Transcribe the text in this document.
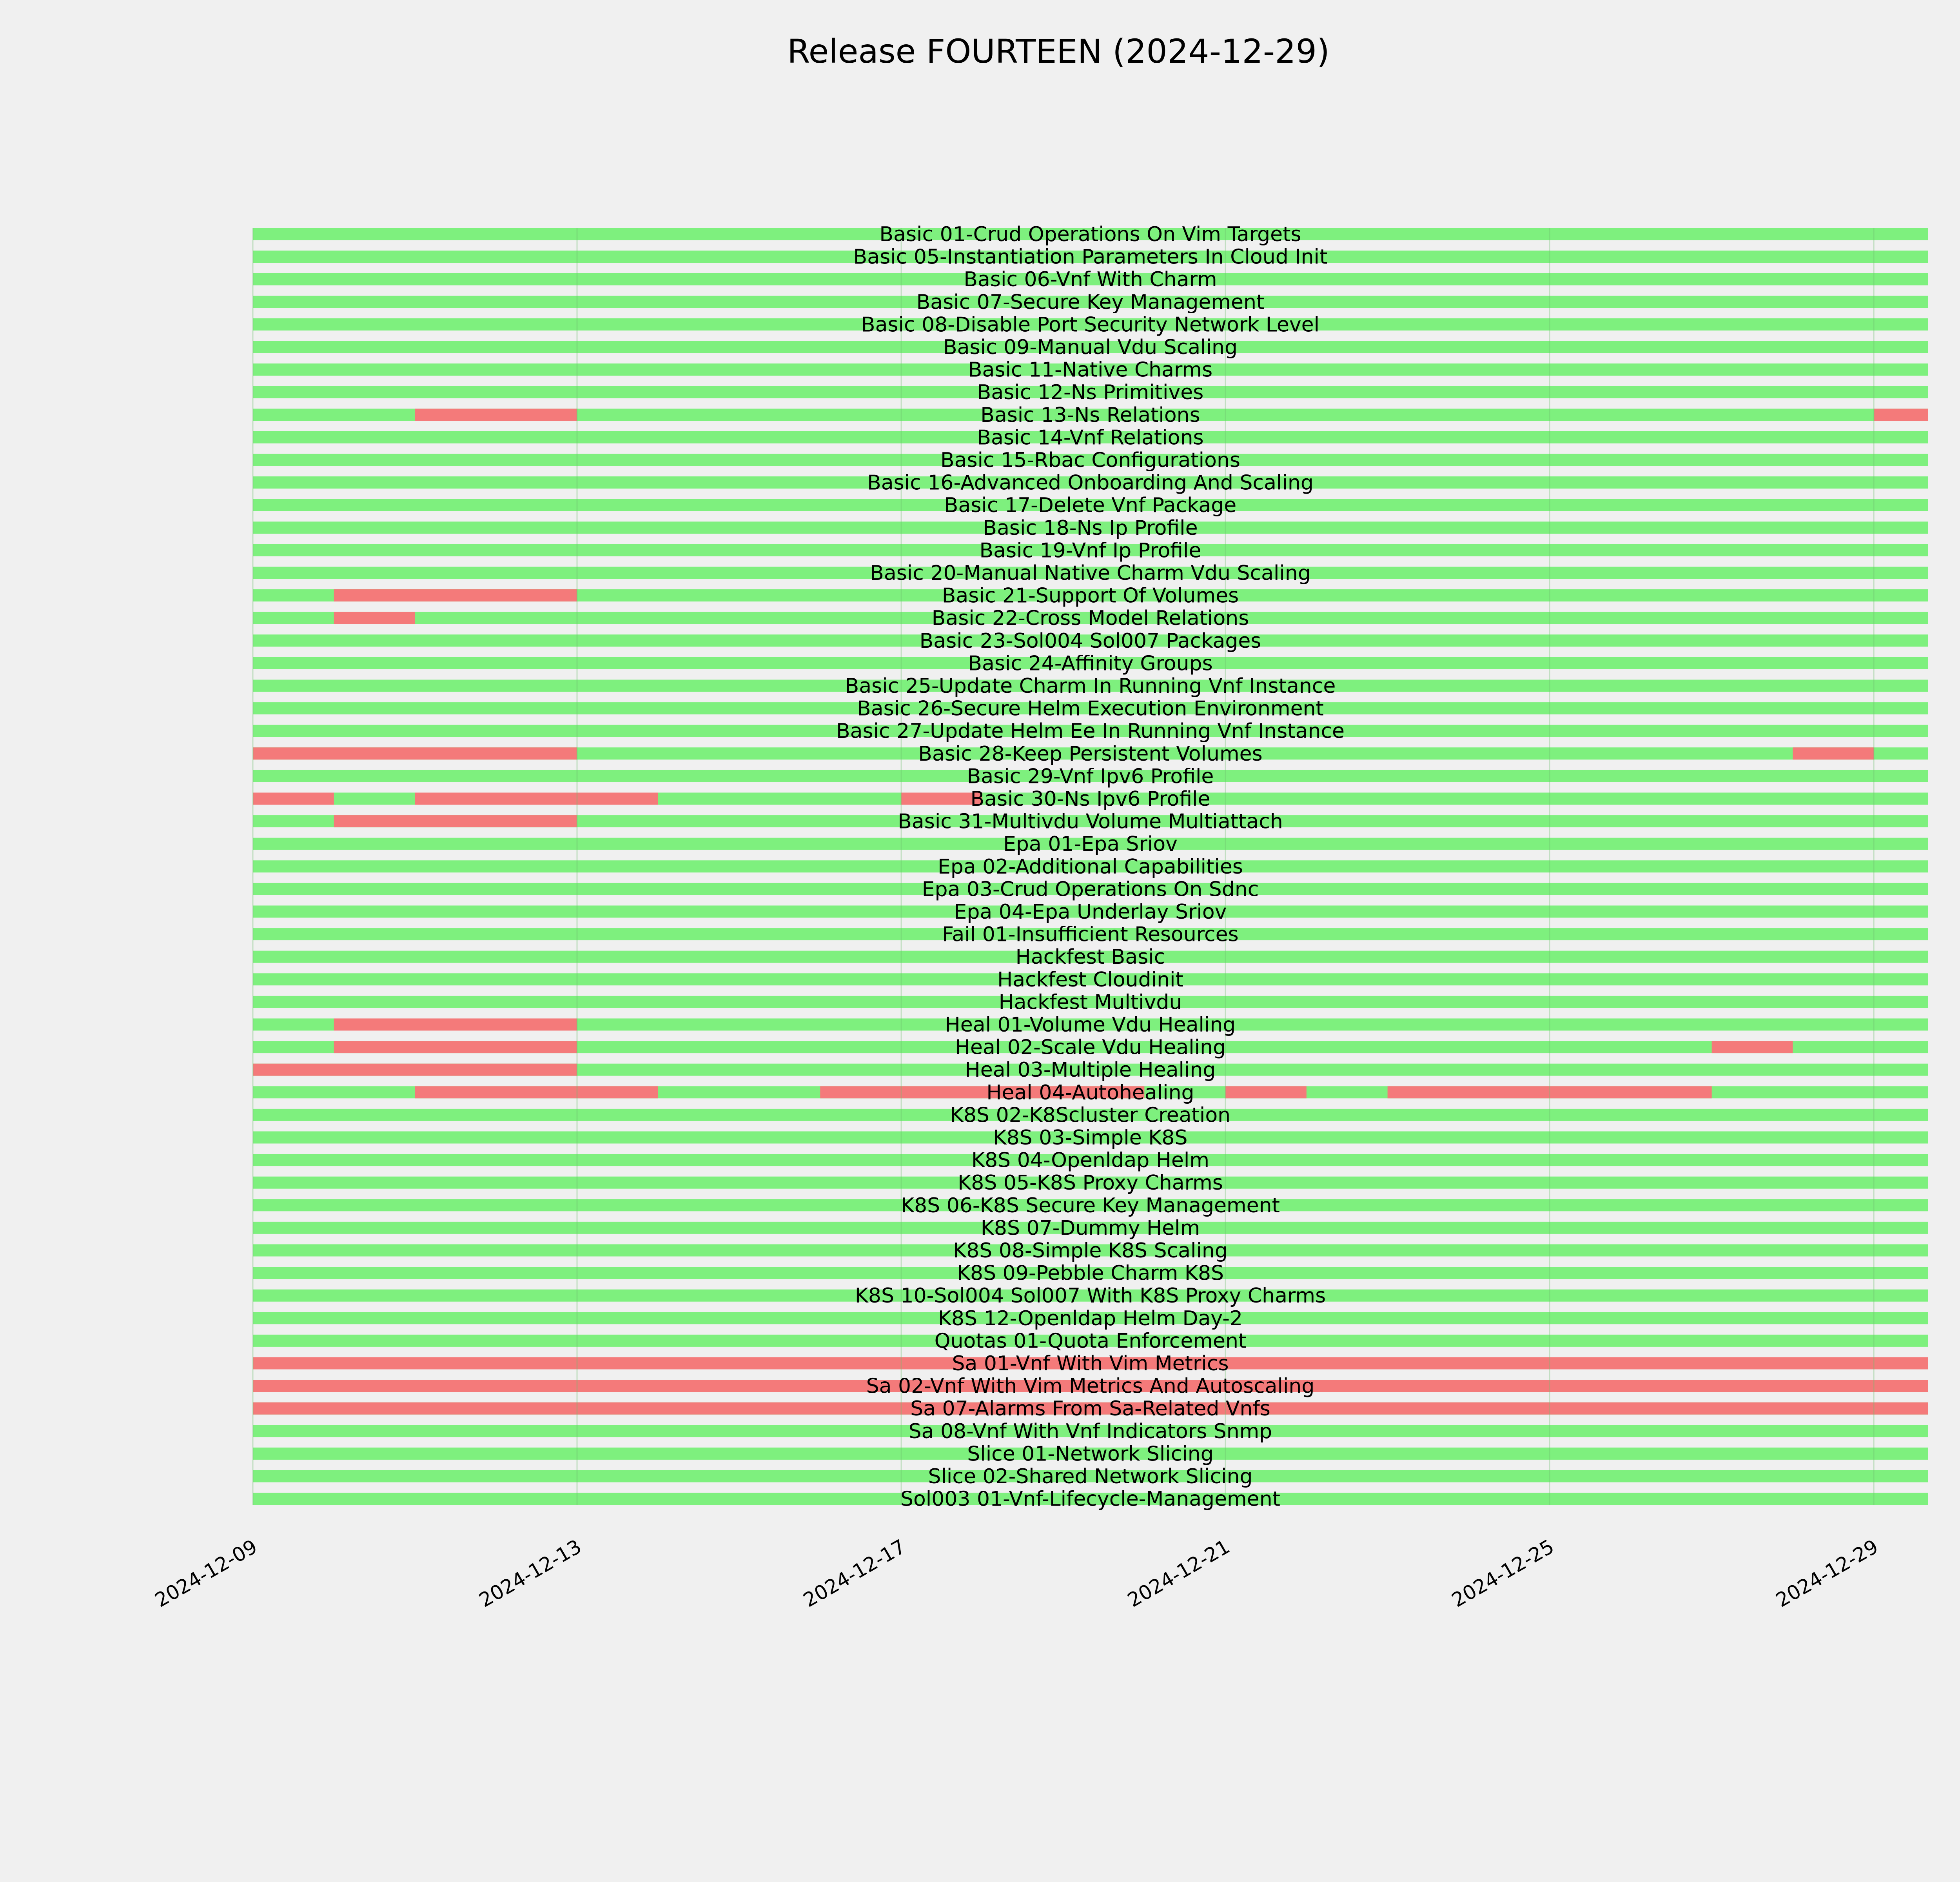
Release FOURTEEN (2024-12-29)
Basic 01-Crud Operations On Vim Targets
Basic 05-Instantiation Parameters In Cloud Init
Basic 06-Vnf With Charm
Basic 07-Secure Key Management
Basic 08-Disable Port Security Network Level
Basic 09-Manual Vdu Scaling
Basic 11-Native Charms
Basic 12-Ns Primitives
Basic 13-Ns Relations
Basic 14-Vnf Relations
Basic 15-Rbac Configurations
Basic 16-Advanced Onboarding And Scaling
Basic 17-Delete Vnf Package
Basic 18-Ns Ip Profile
Basic 19-Vnf Ip Profile
Basic 20-Manual Native Charm Vdu Scaling
Basic 21-Support Of Volumes
Basic 22-Cross Model Relations
Basic 23-Sol004 Sol007 Packages
Basic 24-Affinity Groups
Basic 25-Update Charm In Running Vnf Instance
Basic 26-Secure Helm Execution Environment
Basic 27-Update Helm Ee In Running Vnf Instance
Basic 28-Keep Persistent Volumes
Basic 29-Vnf Ipv6 Profile
Basic 30-Ns Ipv6 Profile
Basic 31-Multivdu Volume Multiattach
Epa 01-Epa Sriov
Epa 02-Additional Capabilities
Epa 03-Crud Operations On Sdnc
Epa 04-Epa Underlay Sriov
Fail 01-Insufficient Resources
Hackfest Basic
Hackfest Cloudinit
Hackfest Multivdu
Heal 01-Volume Vdu Healing
Heal 02-Scale Vdu Healing
Heal 03-Multiple Healing
Heal 04-Autohealing
K8S 02-K8Scluster Creation
K8S 03-Simple K8S
K8S 04-Openldap Helm
K8S 05-K8S Proxy Charms
K8S 06-K8S Secure Key Management
K8S 07-Dummy Helm
K8S 08-Simple K8S Scaling
K8S 09-Pebble Charm K8S
K8S 10-Sol004 Sol007 With K8S Proxy Charms
K8S 12-Openldap Helm Day-2
Quotas 01-Quota Enforcement
Sa 01-Vnf With Vim Metrics
Sa 02-Vnf With Vim Metrics And Autoscaling
Sa 07-Alarms From Sa-Related Vnfs
Sa 08-Vnf With Vnf Indicators Snmp
Slice 01-Network Slicing
Slice 02-Shared Network Slicing
Sol003 01-Vnf-Lifecycle-Management
2024-12-09	2024-12-13	2024-12-17	2024-12-21	2024-12-25	2024-12-29
